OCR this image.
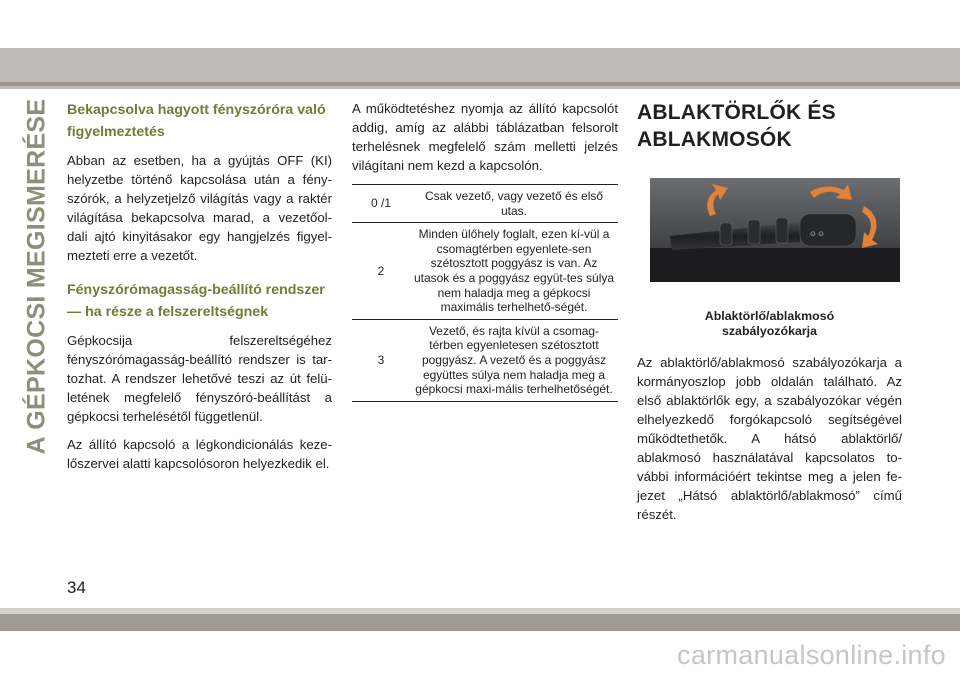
A GÉPKOCSI MEGISMERÉSE Bekapcsolva hagyott fényszóróra való
figyelmeztetés

Abban az esetben, ha a gyújtás OFF (KI) helyzetbe történő kapcsolása után a fény-szórók, a helyzetjelző világítás vagy a raktér világítása bekapcsolva marad, a vezetőol-dali ajtó kinyitásakor egy hangjelzés figyel-mezteti erre a vezetőt.

Fényszórómagasság-beállító rendszer
— ha része a felszereltségnek

Gépkocsija felszereltségéhez fényszórómagasság-beállító rendszer is tar-tozhat. A rendszer lehetővé teszi az út felü-letének megfelelő fényszóró-beállítást a gépkocsi terhelésétől függetlenül.

Az állító kapcsoló a légkondicionálás keze-lőszervei alatti kapcsolósoron helyezkedik el.

A működtetéshez nyomja az állító kapcsolót addig, amíg az alábbi táblázatban felsorolt terhelésnek megfelelő szám melletti jelzés világítani nem kezd a kapcsolón.

0 /1	Csak vezető, vagy vezető és első utas.
2	Minden ülőhely foglalt, ezen kí-vül a csomagtérben egyenlete-sen szétosztott poggyász is van. Az utasok és a poggyász együt-tes súlya nem haladja meg a gépkocsi maximális terhelhető-ségét.
3	Vezető, és rajta kívül a csomag-térben egyenletesen szétosztott poggyász. A vezető és a poggyász együttes súlya nem haladja meg a gépkocsi maxi-mális terhelhetőségét.
ABLAKTÖRLŐK ÉS
ABLAKMOSÓK
Ablaktörlő/ablakmosó
szabályozókarja

Az ablaktörlő/ablakmosó szabályozókarja a kormányoszlop jobb oldalán található. Az első ablaktörlők egy, a szabályozókar végén elhelyezkedő forgókapcsoló segítségével működtethetők. A hátsó ablaktörlő/ ablakmosó használatával kapcsolatos to-vábbi információért tekintse meg a jelen fe-jezet „Hátsó ablaktörlő/ablakmosó” című részét.

⊙ ⊙
34
carmanualsonline.info
